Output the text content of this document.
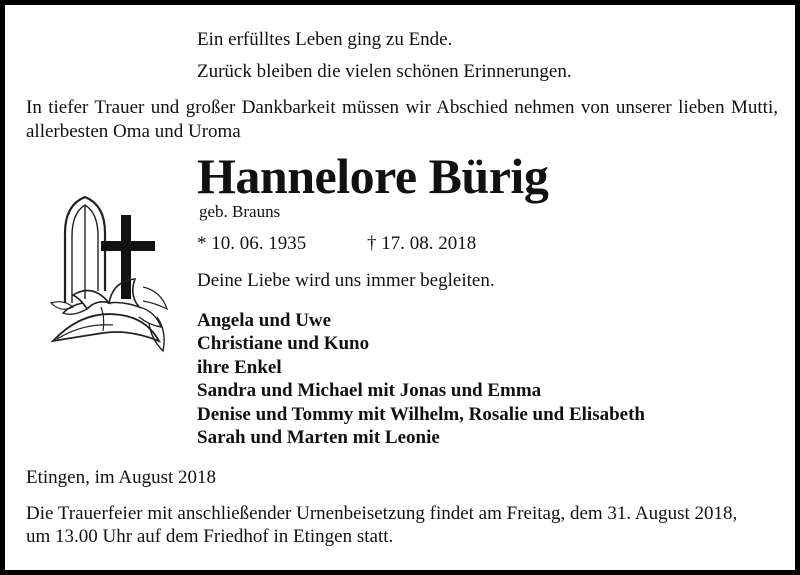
Ein erfülltes Leben ging zu Ende.
Zurück bleiben die vielen schönen Erinnerungen.
In tiefer Trauer und großer Dankbarkeit müssen wir Abschied nehmen von unserer lieben Mutti, allerbesten Oma und Uroma
Hannelore Bürig
geb. Brauns
* 10. 06. 1935	† 17. 08. 2018
Deine Liebe wird uns immer begleiten.
Angela und Uwe
Christiane und Kuno
ihre Enkel
Sandra und Michael mit Jonas und Emma
Denise und Tommy mit Wilhelm, Rosalie und Elisabeth
Sarah und Marten mit Leonie
Etingen, im August 2018
Die Trauerfeier mit anschließender Urnenbeisetzung findet am Freitag, dem 31. August 2018,
um 13.00 Uhr auf dem Friedhof in Etingen statt.
